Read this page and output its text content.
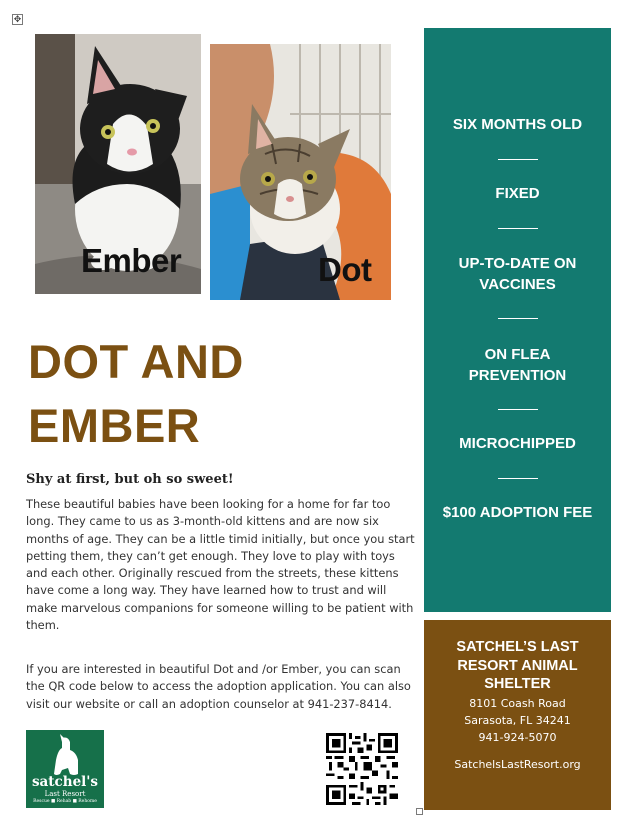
✥
Ember	Dot
DOT AND
EMBER
Shy at first, but oh so sweet!
These beautiful babies have been looking for a home for far too long. They came to us as 3-month-old kittens and are now six months of age. They can be a little timid initially, but once you start petting them, they can’t get enough. They love to play with toys and each other. Originally rescued from the streets, these kittens have come a long way. They have learned how to trust and will make marvelous companions for someone willing to be patient with them.
If you are interested in beautiful Dot and /or Ember, you can scan the QR code below to access the adoption application. You can also visit our website or call an adoption counselor at 941-237-8414.
satchel's
Last Resort
Rescue ■ Rehab ■ Rehome
SIX MONTHS OLD
FIXED
UP-TO-DATE ON VACCINES
ON FLEA PREVENTION
MICROCHIPPED
$100 ADOPTION FEE
SATCHEL’S LAST RESORT ANIMAL SHELTER
8101 Coash Road
Sarasota, FL 34241
941-924-5070
SatchelsLastResort.org
